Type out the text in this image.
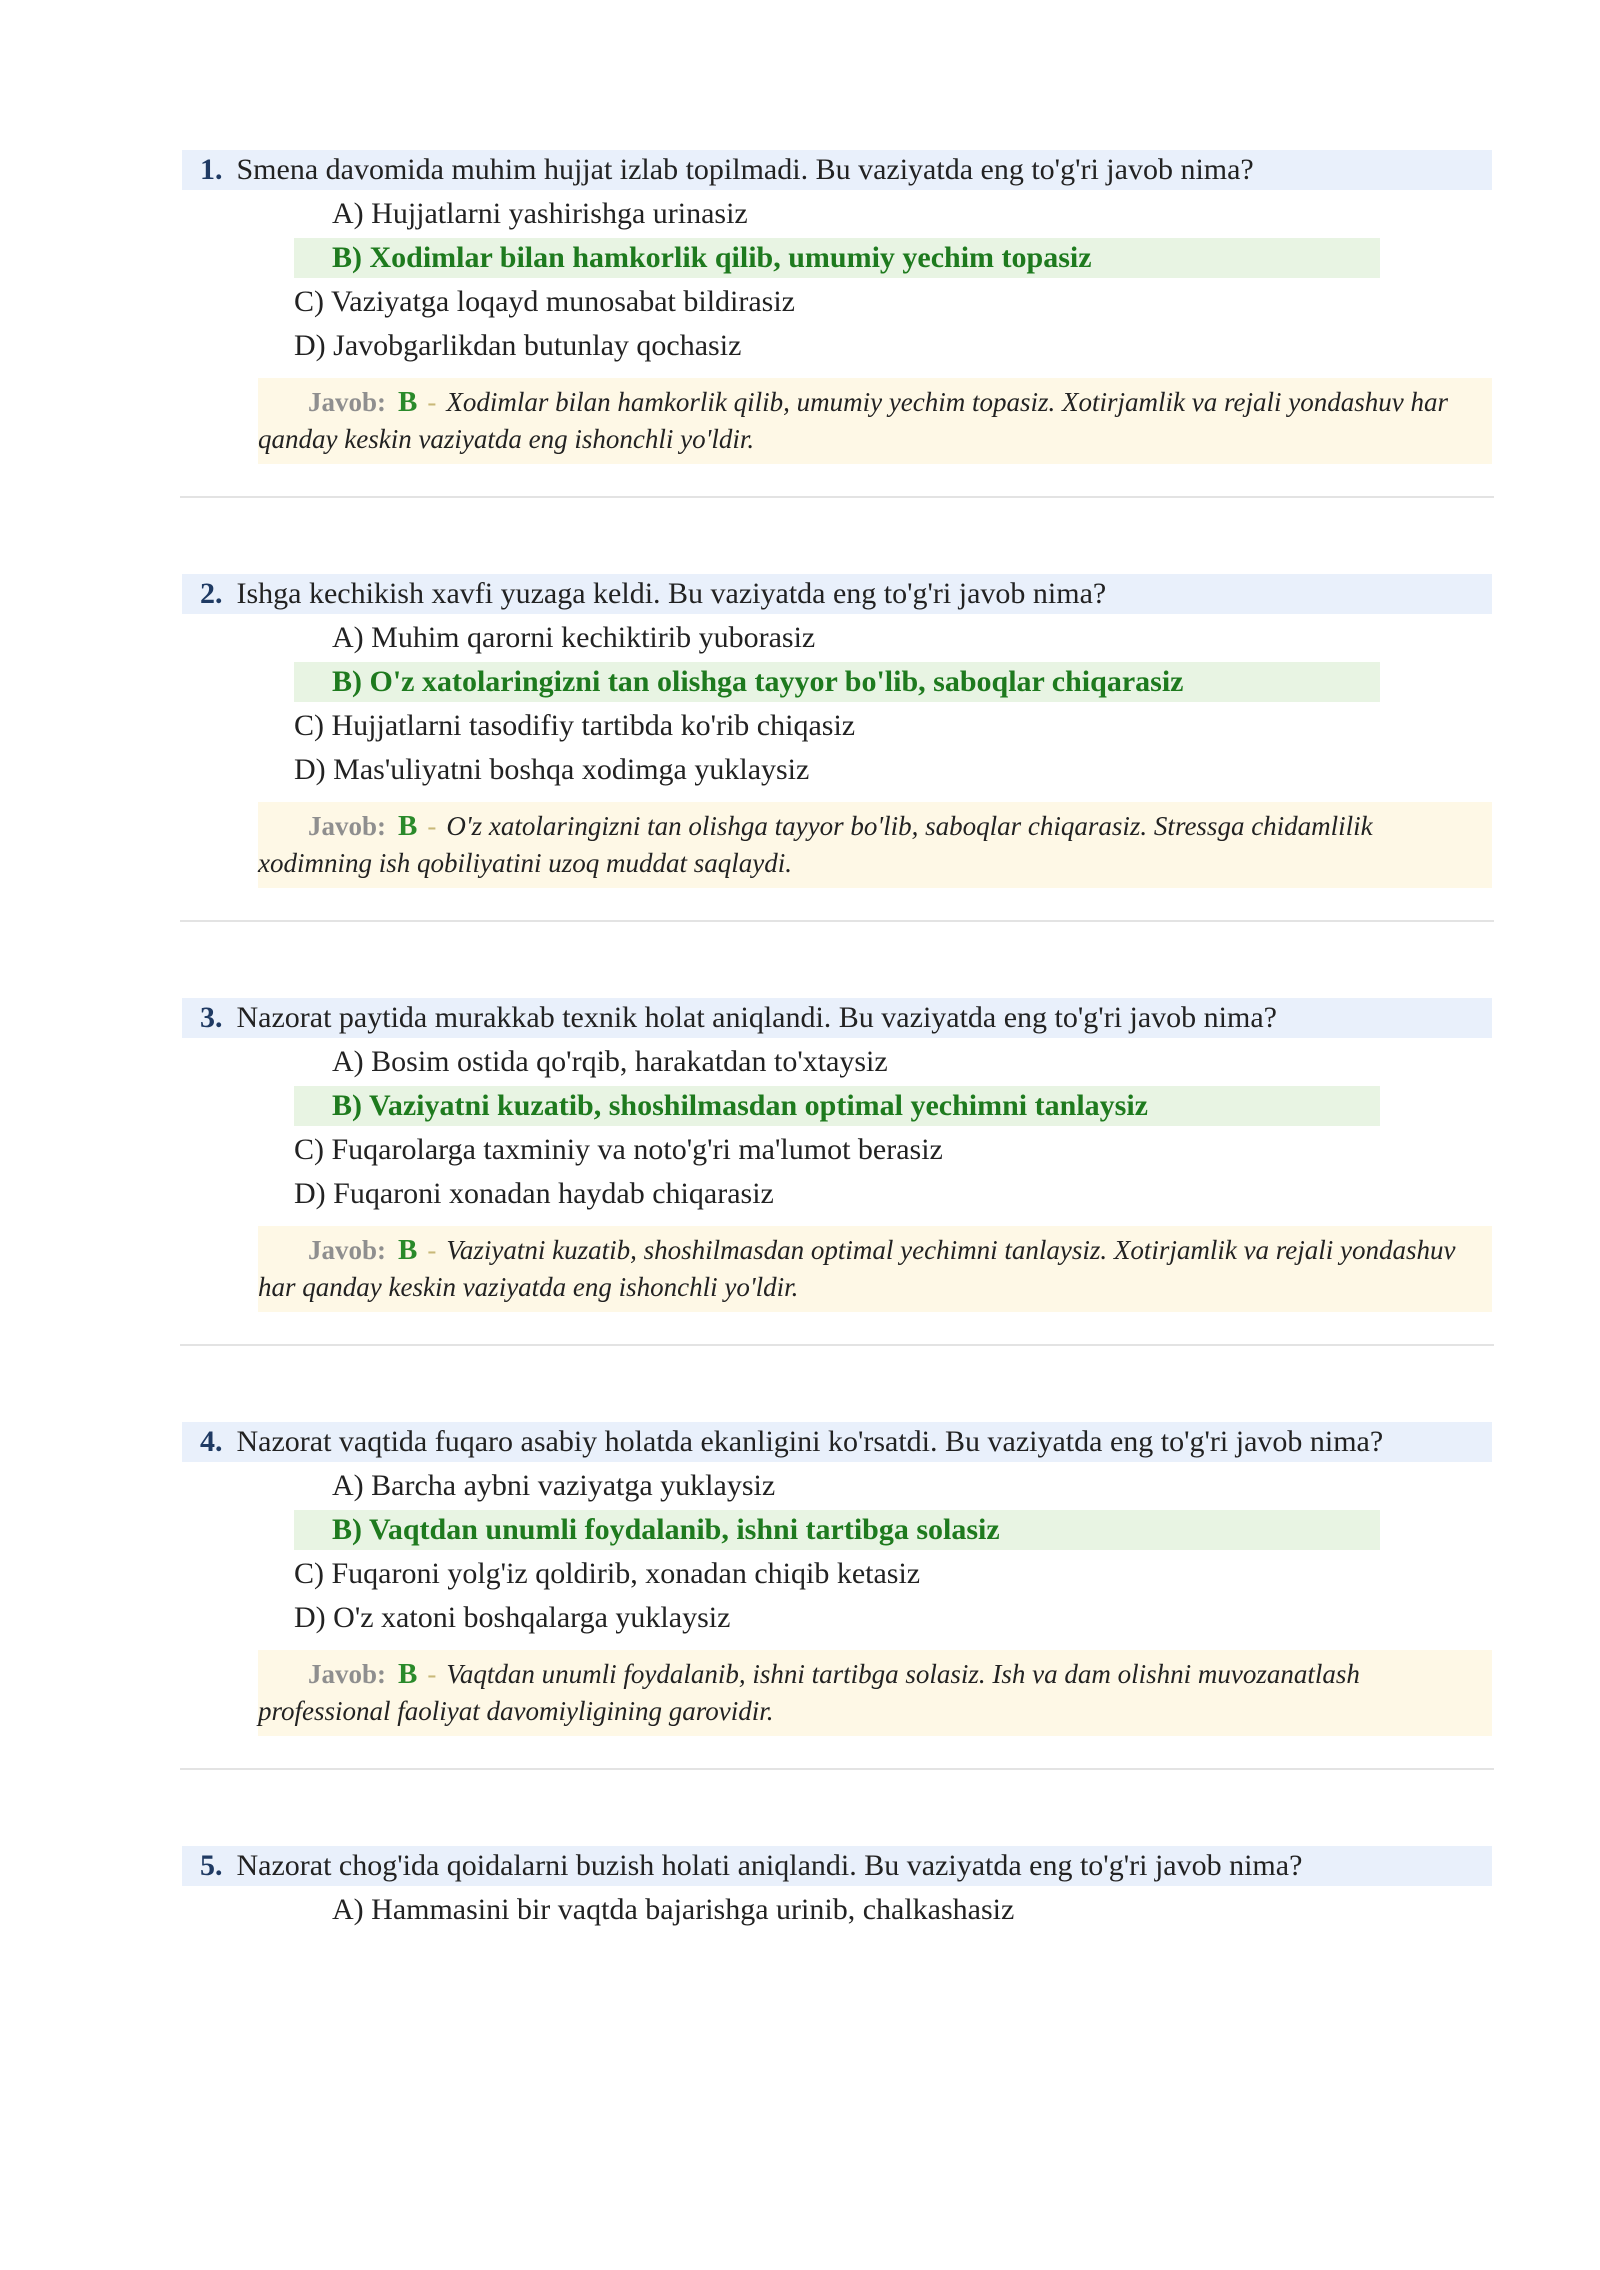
1. Smena davomida muhim hujjat izlab topilmadi. Bu vaziyatda eng to'g'ri javob nima?
A) Hujjatlarni yashirishga urinasiz
B) Xodimlar bilan hamkorlik qilib, umumiy yechim topasiz
C) Vaziyatga loqayd munosabat bildirasiz
D) Javobgarlikdan butunlay qochasiz
Javob: B - Xodimlar bilan hamkorlik qilib, umumiy yechim topasiz. Xotirjamlik va rejali yondashuv har qanday keskin vaziyatda eng ishonchli yo'ldir.
2. Ishga kechikish xavfi yuzaga keldi. Bu vaziyatda eng to'g'ri javob nima?
A) Muhim qarorni kechiktirib yuborasiz
B) O'z xatolaringizni tan olishga tayyor bo'lib, saboqlar chiqarasiz
C) Hujjatlarni tasodifiy tartibda ko'rib chiqasiz
D) Mas'uliyatni boshqa xodimga yuklaysiz
Javob: B - O'z xatolaringizni tan olishga tayyor bo'lib, saboqlar chiqarasiz. Stressga chidamlilik xodimning ish qobiliyatini uzoq muddat saqlaydi.
3. Nazorat paytida murakkab texnik holat aniqlandi. Bu vaziyatda eng to'g'ri javob nima?
A) Bosim ostida qo'rqib, harakatdan to'xtaysiz
B) Vaziyatni kuzatib, shoshilmasdan optimal yechimni tanlaysiz
C) Fuqarolarga taxminiy va noto'g'ri ma'lumot berasiz
D) Fuqaroni xonadan haydab chiqarasiz
Javob: B - Vaziyatni kuzatib, shoshilmasdan optimal yechimni tanlaysiz. Xotirjamlik va rejali yondashuv har qanday keskin vaziyatda eng ishonchli yo'ldir.
4. Nazorat vaqtida fuqaro asabiy holatda ekanligini ko'rsatdi. Bu vaziyatda eng to'g'ri javob nima?
A) Barcha aybni vaziyatga yuklaysiz
B) Vaqtdan unumli foydalanib, ishni tartibga solasiz
C) Fuqaroni yolg'iz qoldirib, xonadan chiqib ketasiz
D) O'z xatoni boshqalarga yuklaysiz
Javob: B - Vaqtdan unumli foydalanib, ishni tartibga solasiz. Ish va dam olishni muvozanatlash professional faoliyat davomiyligining garovidir.
5. Nazorat chog'ida qoidalarni buzish holati aniqlandi. Bu vaziyatda eng to'g'ri javob nima?
A) Hammasini bir vaqtda bajarishga urinib, chalkashasiz
